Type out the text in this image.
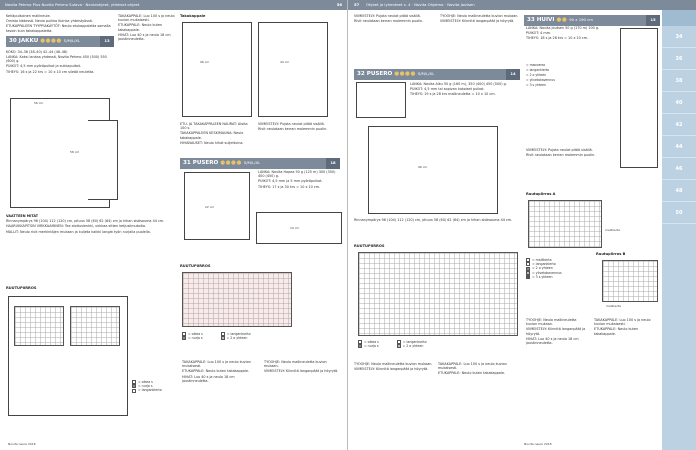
Novita Pehmo Plus Novita Pehmo Sulava · Neuleohjeet, yhteiset ohjeet	56

Kehäpuikoinen mallineule.

Omista kädessä. Neulo puikko Kuinka yhteistyössä.

ETUKAPPALEEN TYYPPIAKÄYTÖT: Neulo etukappaletta samalla tavoin kuin takakappaletta.

30 JAKKU ●●●● S/M/L/XL	13

KOKO: 34–36 (38–40) 42–44 (46–48)

LANKA: Kaksi lankaa yhdessä, Novita Pehmo 450 (500) 550 (600) g.

PUIKOT: 4,5 mm pyöröpuikot ja sukkapuikot.

TIHEYS: 16 s ja 22 krs = 10 x 10 cm sileää neuletta.

56 cm
58 cm

VAATTEEN MITAT

Rinnanympärys 96 (104) 112 (120) cm, pituus 58 (60) 62 (64) cm ja hihan sisäsauma 44 cm.

HAARUKKAPITSIN VIRKKAAMINEN: Tee aloituslenkki, virkkaa sitten ketjusilmukoita.

MALLIT: Neulo rivit merkintöjen mukaan ja kuljeta kaikki langat työn nurjalla puolella.

RUUTUPIIRROS
= oikea s
= nurja s
= langankierto

TAKAKAPPALE: Luo 100 s ja neulo kuvion mukaisesti.

ETUKAPPALE: Neulo kuten takakappale.

HIHAT: Luo 40 s ja neulo 18 cm joustinneuletta.

Takakappale
96 cm	44 cm

ETU- JA TAKAKAPPALEEN NAURAT: Aloita 100 s.

TAKAKAPPALEEN KESKIMAUNA: Neulo takakappale.

HIHANAUSET: Neulo hihat suljettuina.

VIIMEISTELY: Pujota neulat pitää sisällä.

Rivit neulotaan kerran molemmin puolin.

31 PUSERO ●●●● S/M/L/XL	18

LANKA: Novita Hopea 50 g (125 m) 300 (350) 400 (450) g.

PUIKOT: 4,5 mm ja 5 mm pyöröpuikot.

TIHEYS: 17 s ja 30 krs = 10 x 10 cm.

22 cm
19 cm
RUUTUPIIRROS
= oikea s	= langankierto
= nurja s	= 2 o yhteen

TAKAKAPPALE: Luo 100 s ja neulo kuvion mukaisesti.

ETUKAPPALE: Neulo kuten takakappale.

HIHAT: Luo 40 s ja neulo 18 cm joustinneuletta.

TYÖOHJE: Neulo mallineuletta kuvion mukaan.

VIIMEISTELY: Kiinnitä langanpäät ja höyrytä.

Novita neule 2018
57 Ohjeet ja lyhenteet s. 4 · Novita Ohjelma · Novita Joutsen
34
36
38
40
42
44
46
48
50

VIIMEISTELY: Pujota neulat pitää sisällä.

Rivit neulotaan kerran molemmin puolin.

TYÖOHJE: Neulo mallineuletta kuvion mukaan.

VIIMEISTELY: Kiinnitä langanpäät ja höyrytä.

32 PUSERO ●●●● S/M/L/XL	14

LANKA: Novita Alku 50 g (160 m), 350 (400) 450 (500) g.

PUIKOT: 4,5 mm tai sopivan kokoiset puikot.

TIHEYS: 19 s ja 28 krs mallineuletta = 10 x 10 cm.

96 cm

Rinnanympärys 96 (104) 112 (120) cm, pituus 58 (60) 62 (64) cm ja hihan sisäsauma 44 cm.

RUUTUPIIRROS
= oikea s	= langankierto
= nurja s	= 2 o yhteen

TYÖOHJE: Neulo mallineuletta kuvion mukaan.

VIIMEISTELY: Kiinnitä langanpäät ja höyrytä.

TAKAKAPPALE: Luo 100 s ja neulo kuvion mukaisesti.

ETUKAPPALE: Neulo kuten takakappale.

33 HUIVI ●● 90 x 190 cm	15

LANKA: Novita Joutsen 50 g (170 m) 100 g.

PUIKOT: 4 mm.

TIHEYS: 18 s ja 26 krs = 10 x 10 cm.

= mallikerta

= langankierto

= 2 o yhteen

= ylivetokavennus

= 3 s yhteen

VIIMEISTELY: Pujota neulat pitää sisällä.

Rivit neulotaan kerran molemmin puolin.

Ruutupiirros A
mallikerta
Ruutupiirros B
mallikerta
= mallikerta
= langankierto
= 2 o yhteen
= ylivetokavennus
= 3 s yhteen

TYÖOHJE: Neulo mallineuletta kuvion mukaan.

VIIMEISTELY: Kiinnitä langanpäät ja höyrytä.

HIHAT: Luo 40 s ja neulo 18 cm joustinneuletta.

TAKAKAPPALE: Luo 100 s ja neulo kuvion mukaisesti.

ETUKAPPALE: Neulo kuten takakappale.

Novita neule 2018
